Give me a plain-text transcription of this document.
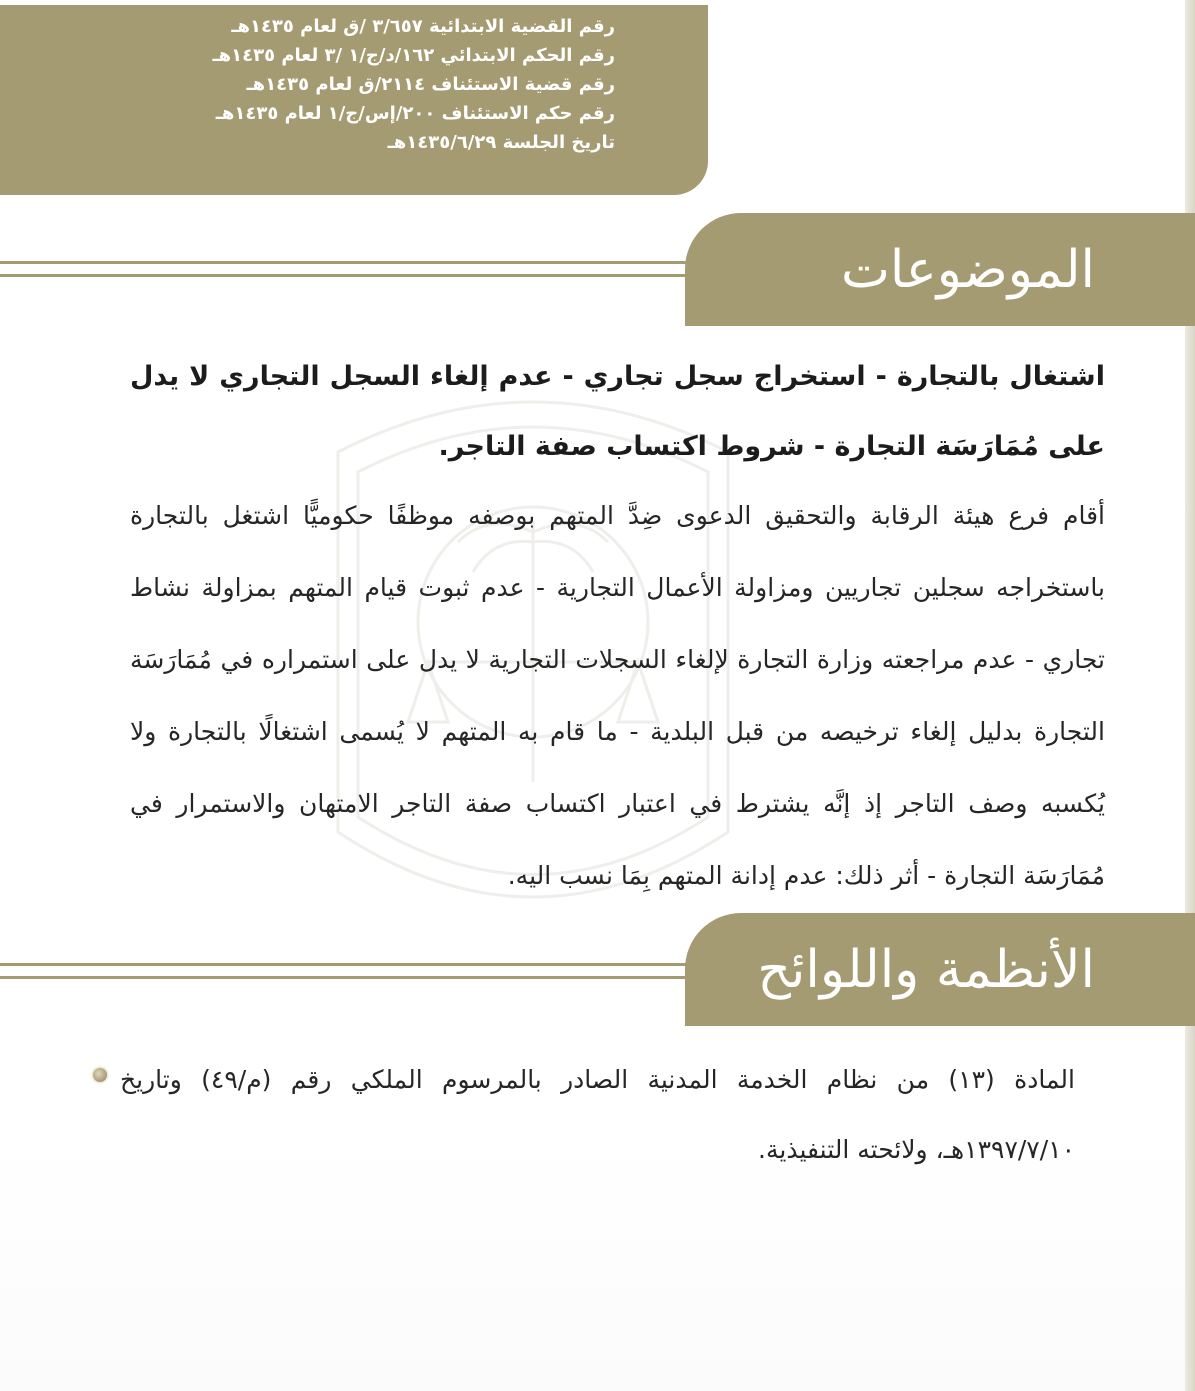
رقم القضية الابتدائية ٣/٦٥٧ /ق لعام ١٤٣٥هـ
رقم الحكم الابتدائي ١٦٢/د/ج/١ /٣ لعام ١٤٣٥هـ
رقم قضية الاستئناف ٢١١٤/ق لعام ١٤٣٥هـ
رقم حكم الاستئناف ٢٠٠/إس/ج/١ لعام ١٤٣٥هـ
تاريخ الجلسة ١٤٣٥/٦/٢٩هـ
الموضوعات
اشتغال بالتجارة - استخراج سجل تجاري - عدم إلغاء السجل التجاري لا يدل على مُمَارَسَة التجارة - شروط اكتساب صفة التاجر.
أقام فرع هيئة الرقابة والتحقيق الدعوى ضِدَّ المتهم بوصفه موظفًا حكوميًّا اشتغل بالتجارة باستخراجه سجلين تجاريين ومزاولة الأعمال التجارية - عدم ثبوت قيام المتهم بمزاولة نشاط تجاري - عدم مراجعته وزارة التجارة لإلغاء السجلات التجارية لا يدل على استمراره في مُمَارَسَة التجارة بدليل إلغاء ترخيصه من قبل البلدية - ما قام به المتهم لا يُسمى اشتغالًا بالتجارة ولا يُكسبه وصف التاجر إذ إنَّه يشترط في اعتبار اكتساب صفة التاجر الامتهان والاستمرار في مُمَارَسَة التجارة - أثر ذلك: عدم إدانة المتهم بِمَا نسب اليه.
الأنظمة واللوائح
المادة (١٣) من نظام الخدمة المدنية الصادر بالمرسوم الملكي رقم (م/٤٩) وتاريخ ١٣٩٧/٧/١٠هـ، ولائحته التنفيذية.
